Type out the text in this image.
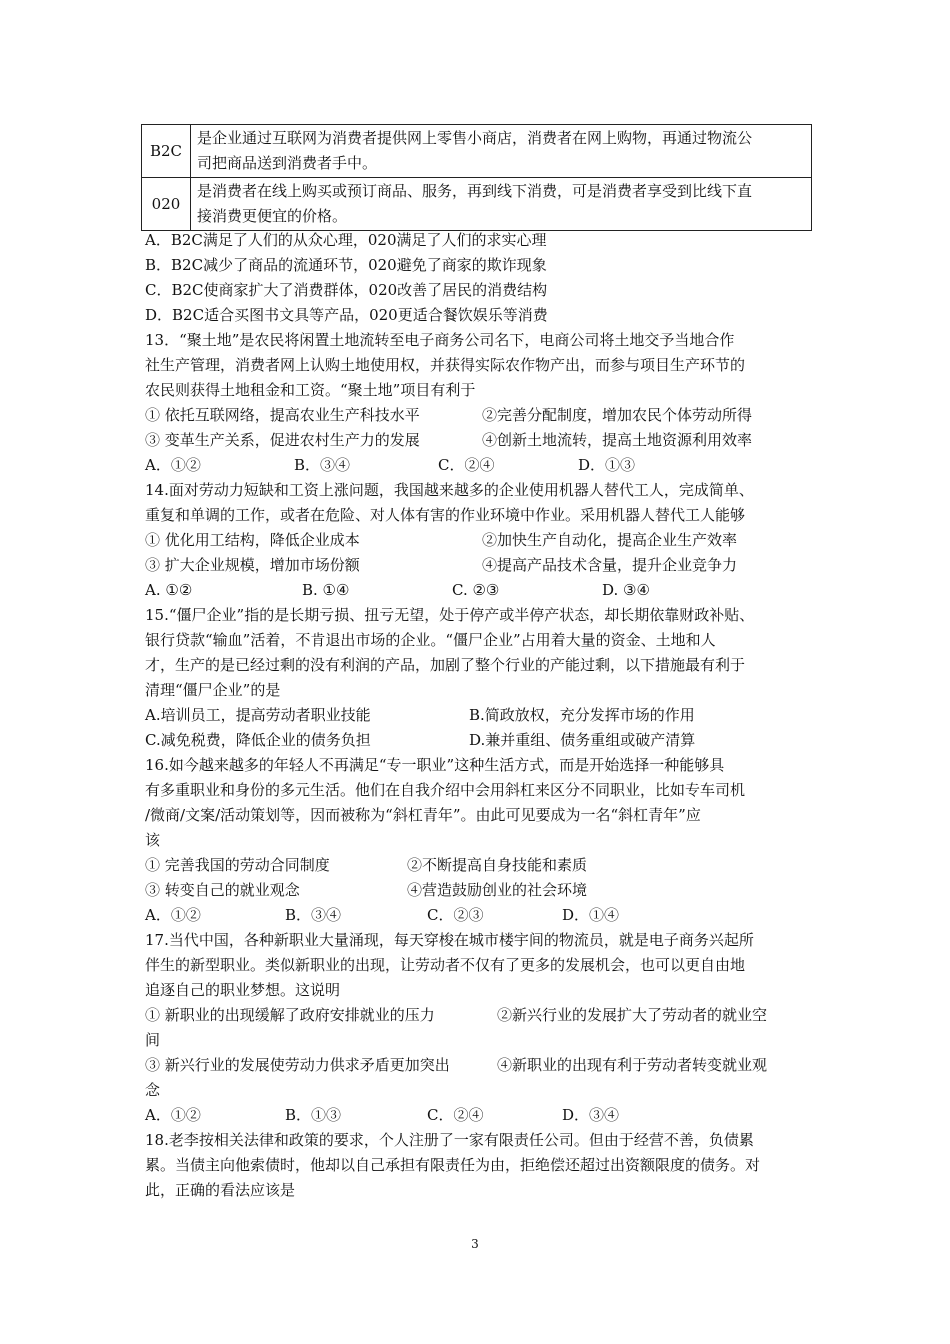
B2C	是企业通过互联网为消费者提供网上零售小商店，消费者在网上购物，再通过物流公
司把商品送到消费者手中。
020	是消费者在线上购买或预订商品、服务，再到线下消费，可是消费者享受到比线下直
接消费更便宜的价格。
A．B2C满足了人们的从众心理，020满足了人们的求实心理
B．B2C减少了商品的流通环节，020避免了商家的欺诈现象
C．B2C使商家扩大了消费群体，020改善了居民的消费结构
D．B2C适合买图书文具等产品，020更适合餐饮娱乐等消费
13．“聚土地”是农民将闲置土地流转至电子商务公司名下，电商公司将土地交予当地合作
社生产管理，消费者网上认购土地使用权，并获得实际农作物产出，而参与项目生产环节的
农民则获得土地租金和工资。“聚土地”项目有利于
① 依托互联网络，提高农业生产科技水平	②完善分配制度，增加农民个体劳动所得
③ 变革生产关系，促进农村生产力的发展	④创新土地流转，提高土地资源利用效率
A．①②	B．③④	C．②④	D．①③
14.面对劳动力短缺和工资上涨问题，我国越来越多的企业使用机器人替代工人，完成简单、
重复和单调的工作，或者在危险、对人体有害的作业环境中作业。采用机器人替代工人能够
① 优化用工结构，降低企业成本	②加快生产自动化，提高企业生产效率
③ 扩大企业规模，增加市场份额	④提高产品技术含量，提升企业竞争力
A. ①②	B. ①④	C. ②③	D. ③④
15.“僵尸企业”指的是长期亏损、扭亏无望，处于停产或半停产状态，却长期依靠财政补贴、
银行贷款“输血”活着，不肯退出市场的企业。“僵尸企业”占用着大量的资金、土地和人
才，生产的是已经过剩的没有利润的产品，加剧了整个行业的产能过剩，以下措施最有利于
清理“僵尸企业”的是
A.培训员工，提高劳动者职业技能	B.简政放权，充分发挥市场的作用
C.减免税费，降低企业的债务负担	D.兼并重组、债务重组或破产清算
16.如今越来越多的年轻人不再满足“专一职业”这种生活方式，而是开始选择一种能够具
有多重职业和身份的多元生活。他们在自我介绍中会用斜杠来区分不同职业，比如专车司机
/微商/文案/活动策划等，因而被称为“斜杠青年”。由此可见要成为一名“斜杠青年”应
该
① 完善我国的劳动合同制度	②不断提高自身技能和素质
③ 转变自己的就业观念	④营造鼓励创业的社会环境
A．①②	B．③④	C．②③	D．①④
17.当代中国，各种新职业大量涌现，每天穿梭在城市楼宇间的物流员，就是电子商务兴起所
伴生的新型职业。类似新职业的出现，让劳动者不仅有了更多的发展机会，也可以更自由地
追逐自己的职业梦想。这说明
① 新职业的出现缓解了政府安排就业的压力	②新兴行业的发展扩大了劳动者的就业空
间
③ 新兴行业的发展使劳动力供求矛盾更加突出	④新职业的出现有利于劳动者转变就业观
念
A．①②	B．①③	C．②④	D．③④
18.老李按相关法律和政策的要求，个人注册了一家有限责任公司。但由于经营不善，负债累
累。当债主向他索债时，他却以自己承担有限责任为由，拒绝偿还超过出资额限度的债务。对
此，正确的看法应该是
3
